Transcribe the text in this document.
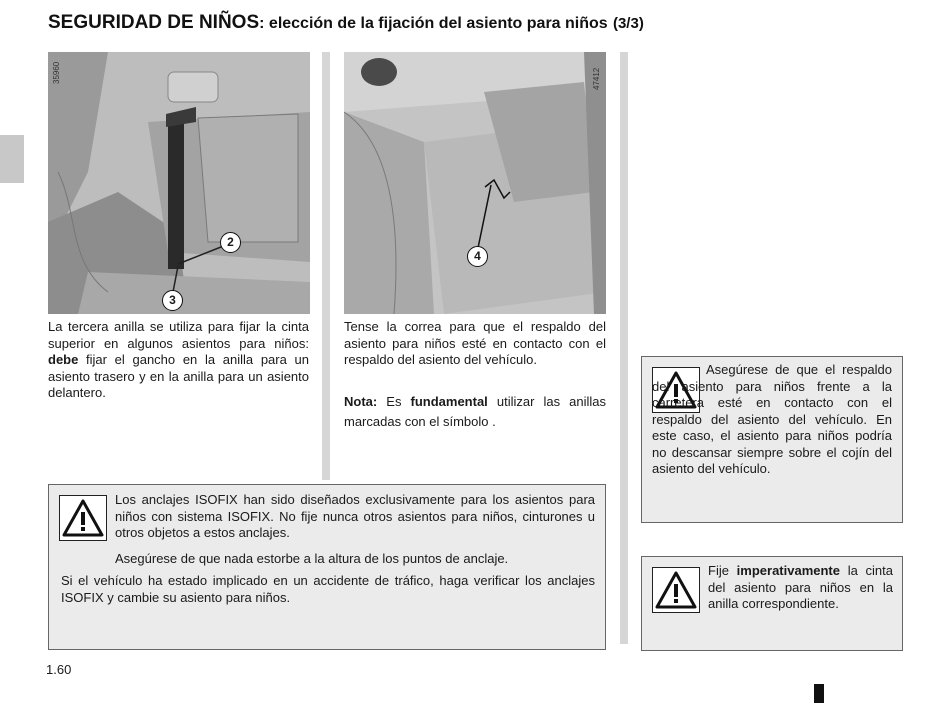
SEGURIDAD DE NIÑOS: elección de la fijación del asiento para niños (3/3)
2
3
35960
4
47412
La tercera anilla se utiliza para fijar la cinta superior en algunos asientos para niños: debe fijar el gancho en la anilla para un asiento trasero y en la anilla para un asiento delantero.
Tense la correa para que el respaldo del asiento para niños esté en contacto con el respaldo del asiento del vehículo.
Nota: Es fundamental utilizar las anillas marcadas con el símbolo .

Asegúrese de que el respaldo del asiento para niños frente a la carretera esté en contacto con el respaldo del asiento del vehículo. En este caso, el asiento para niños podría no descansar siempre sobre el cojín del asiento del vehículo.

Los anclajes ISOFIX han sido diseñados exclusivamente para los asientos para niños con sistema ISOFIX. No fije nunca otros asientos para niños, cinturones u otros objetos a estos anclajes.

Asegúrese de que nada estorbe a la altura de los puntos de anclaje.

Si el vehículo ha estado implicado en un accidente de tráfico, haga verificar los anclajes ISOFIX y cambie su asiento para niños.

Fije imperativamente la cinta del asiento para niños en la anilla correspondiente.

1.60
